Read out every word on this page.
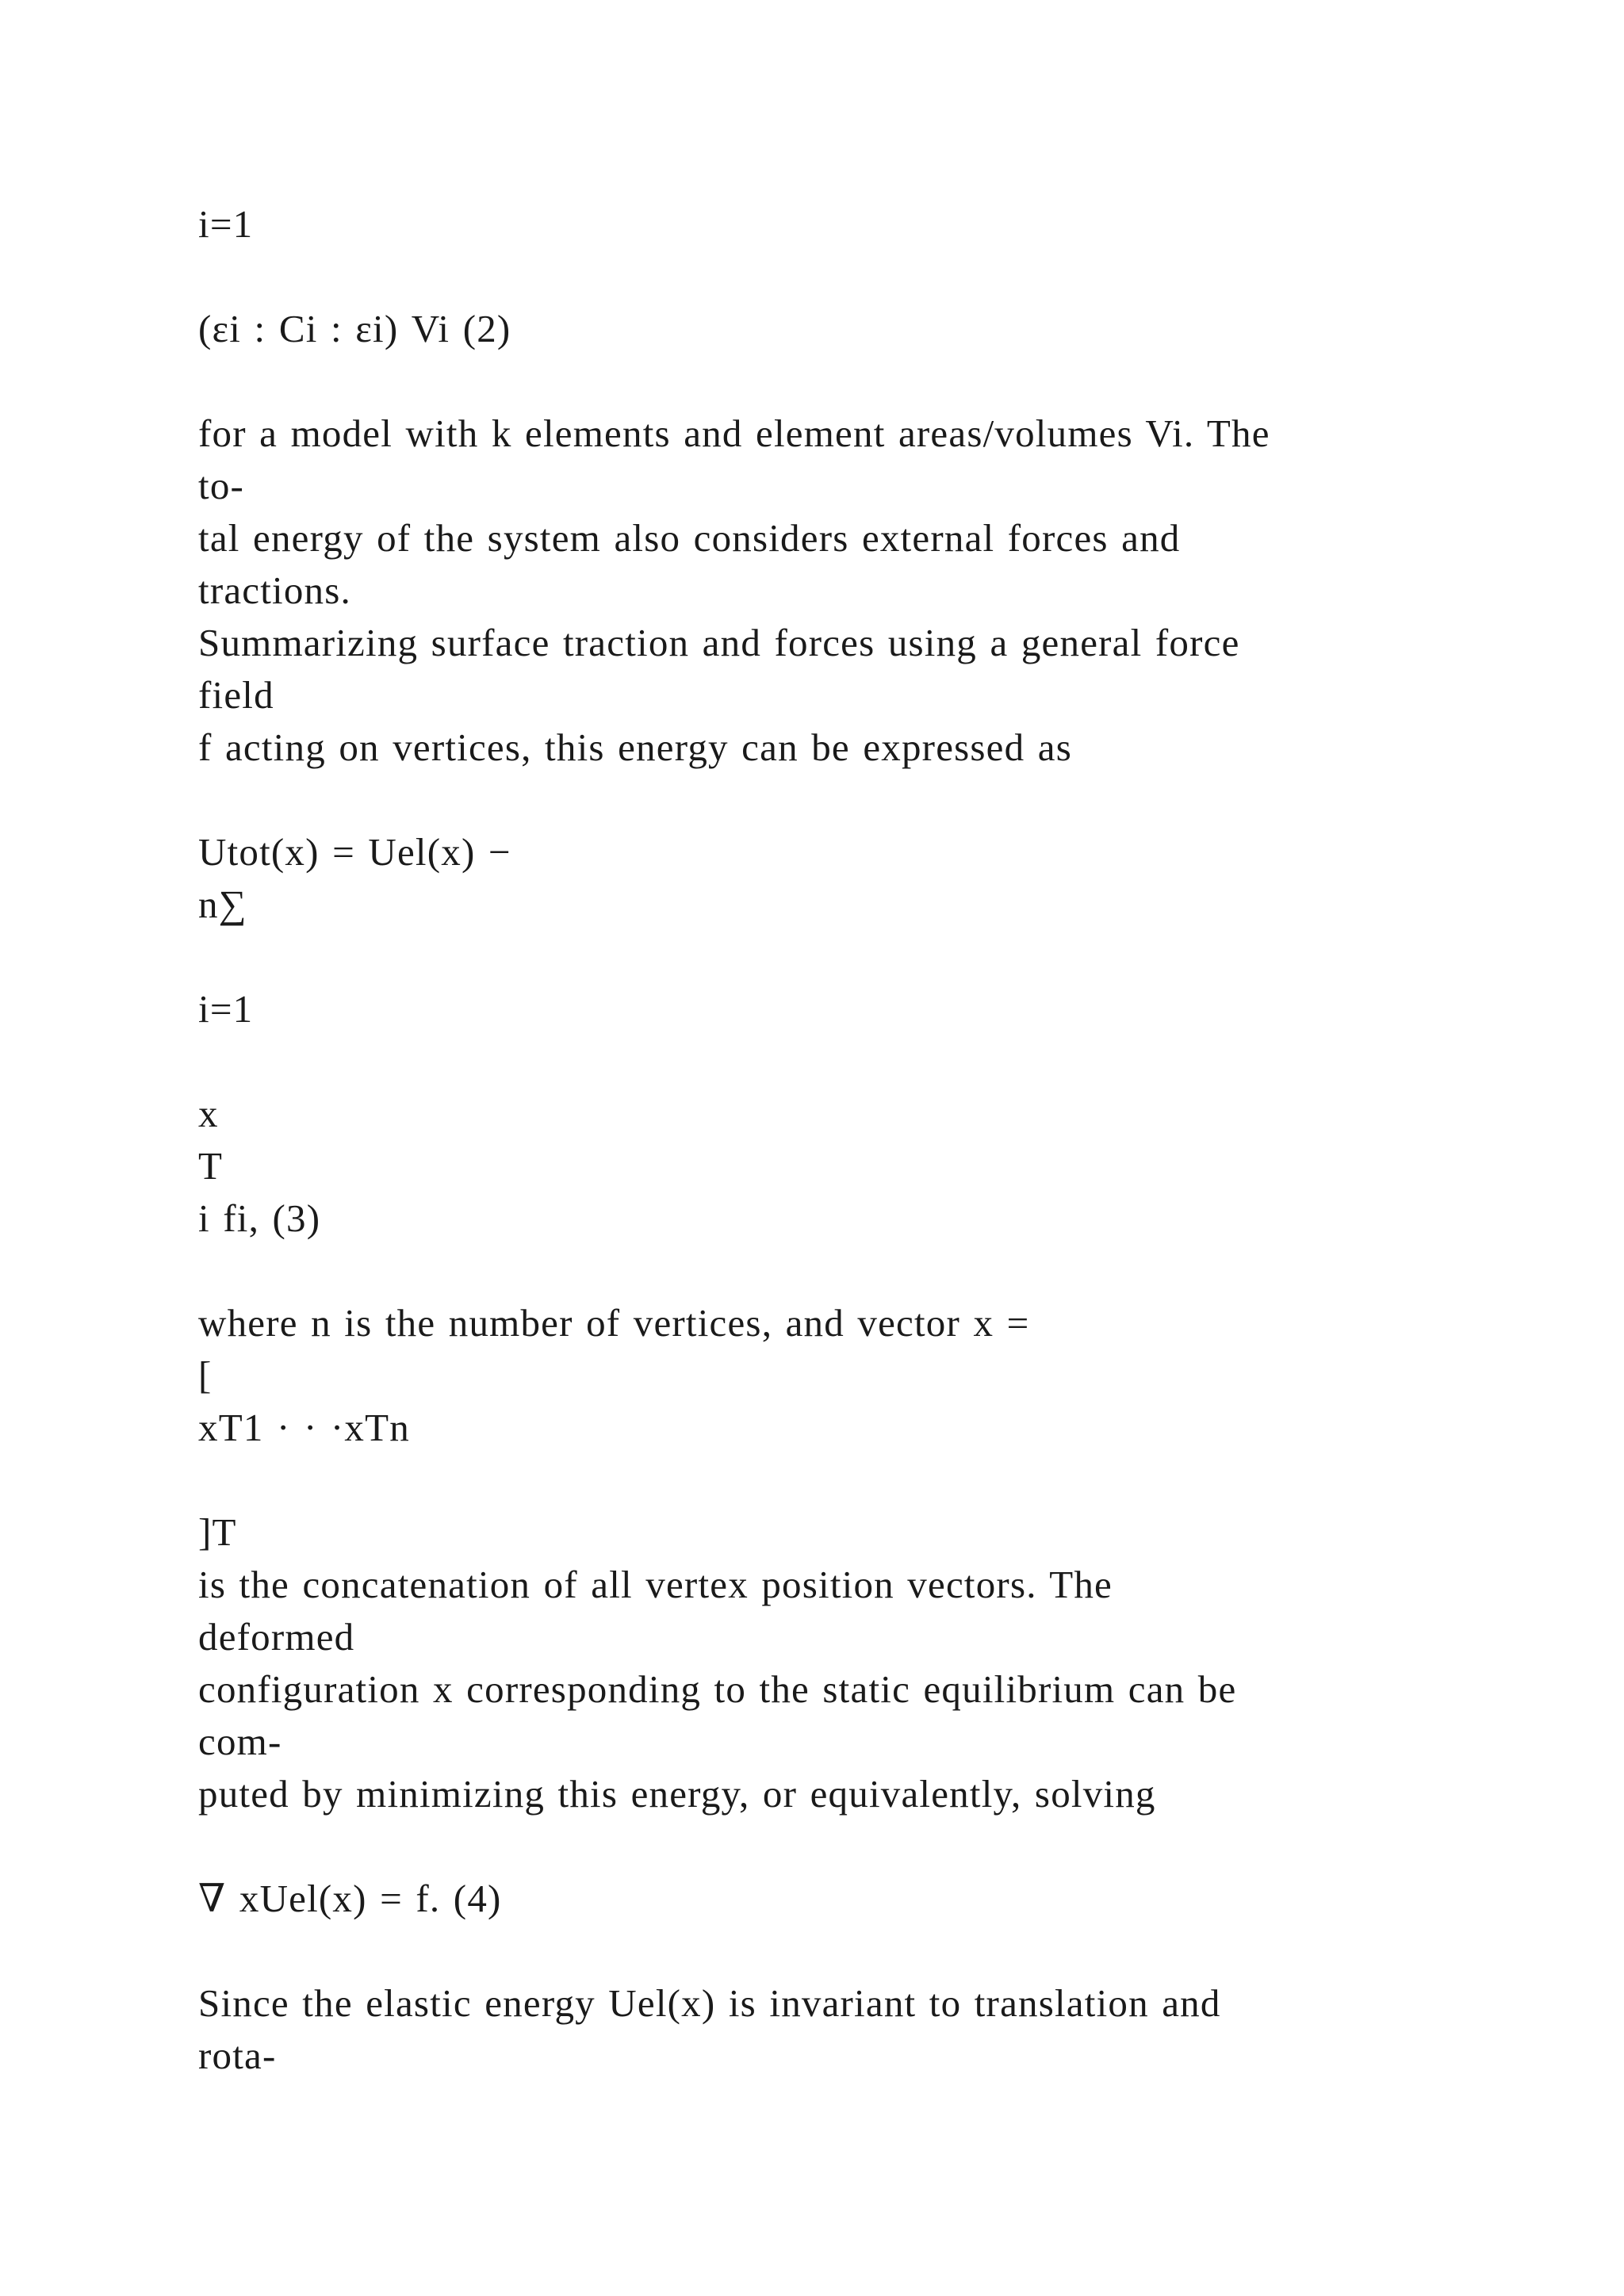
i=1

(εi : Ci : εi) Vi (2)

for a model with k elements and element areas/volumes Vi. The

to-

tal energy of the system also considers external forces and

tractions.

Summarizing surface traction and forces using a general force

field

f acting on vertices, this energy can be expressed as

Utot(x) = Uel(x) −

n∑

i=1

x

T

i fi, (3)

where n is the number of vertices, and vector x =

[

xT1 · · ·xTn

]T

is the concatenation of all vertex position vectors. The

deformed

configuration x corresponding to the static equilibrium can be

com-

puted by minimizing this energy, or equivalently, solving

∇ xUel(x) = f. (4)

Since the elastic energy Uel(x) is invariant to translation and

rota-
